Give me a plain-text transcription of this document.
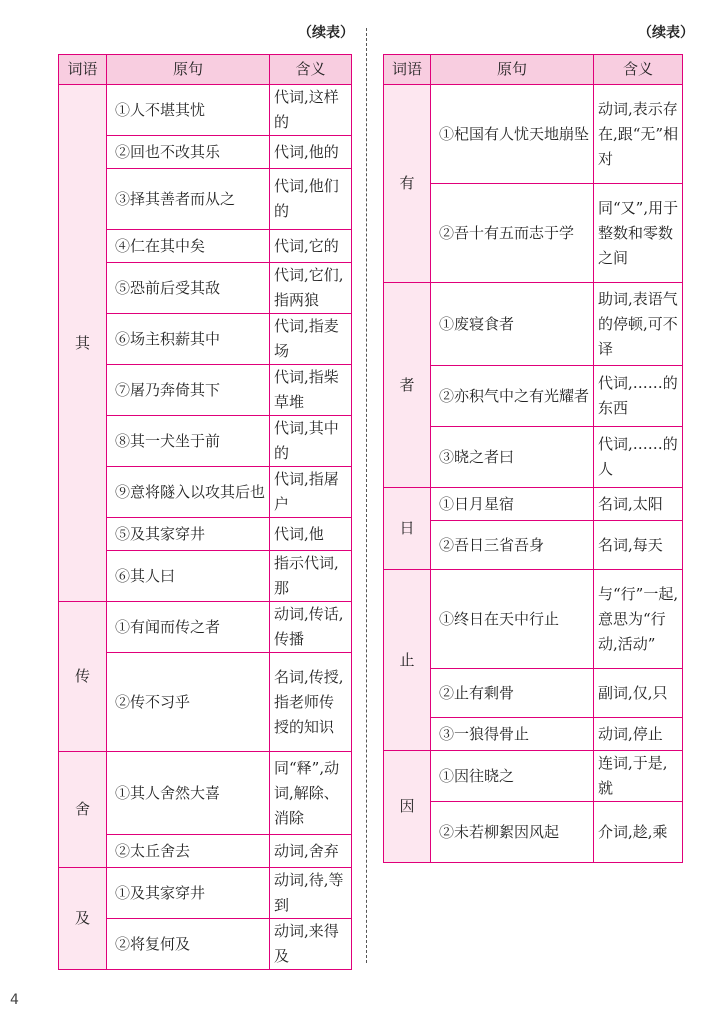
（续表）	（续表）
词语	原句	含义
其	①人不堪其忧	代词,这样的
	②回也不改其乐	代词,他的
	③择其善者而从之	代词,他们的
	④仁在其中矣	代词,它的
	⑤恐前后受其敌	代词,它们,指两狼
	⑥场主积薪其中	代词,指麦场
	⑦屠乃奔倚其下	代词,指柴草堆
	⑧其一犬坐于前	代词,其中的
	⑨意将隧入以攻其后也	代词,指屠户
	⑤及其家穿井	代词,他
	⑥其人曰	指示代词,那
传	①有闻而传之者	动词,传话,传播
	②传不习乎	名词,传授,指老师传授的知识
舍	①其人舍然大喜	同“释”,动词,解除、消除
	②太丘舍去	动词,舍弃
及	①及其家穿井	动词,待,等到
	②将复何及	动词,来得及
词语	原句	含义
有	①杞国有人忧天地崩坠	动词,表示存在,跟“无”相对
	②吾十有五而志于学	同“又”,用于整数和零数之间
者	①废寝食者	助词,表语气的停顿,可不译
	②亦积气中之有光耀者	代词,……的东西
	③晓之者曰	代词,……的人
日	①日月星宿	名词,太阳
	②吾日三省吾身	名词,每天
止	①终日在天中行止	与“行”一起,意思为“行动,活动”
	②止有剩骨	副词,仅,只
	③一狼得骨止	动词,停止
因	①因往晓之	连词,于是,就
	②未若柳絮因风起	介词,趁,乘
4
